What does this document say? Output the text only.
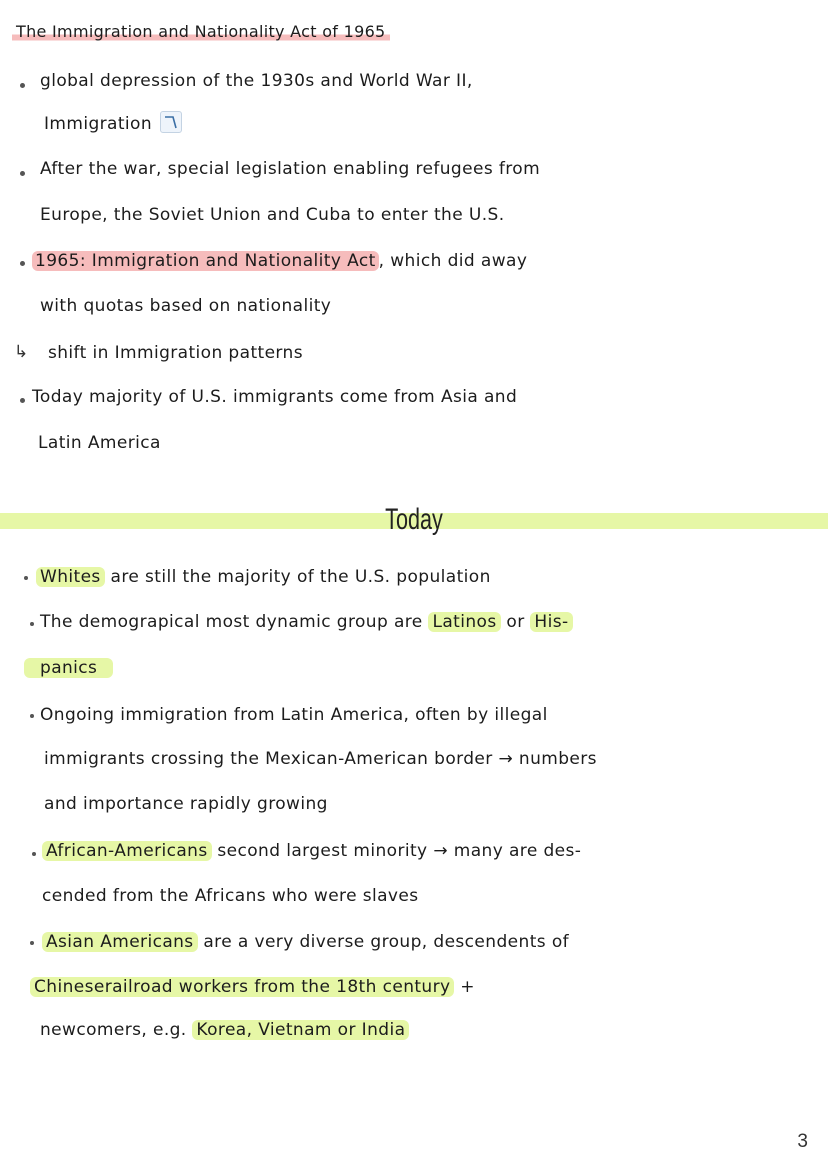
The Immigration and Nationality Act of 1965
global depression of the 1930s and World War II,
Immigration
After the war, special legislation enabling refugees from
Europe, the Soviet Union and Cuba to enter the U.S.
1965: Immigration and Nationality Act , which did away
with quotas based on nationality
↳ shift in Immigration patterns
Today majority of U.S. immigrants come from Asia and
Latin America
Today
Whites are still the majority of the U.S. population
The demograpical most dynamic group are Latinos or His-
panics
Ongoing immigration from Latin America, often by illegal
immigrants crossing the Mexican-American border → numbers
and importance rapidly growing
African-Americans second largest minority → many are des-
cended from the Africans who were slaves
Asian Americans are a very diverse group, descendents of
Chineserailroad workers from the 18th century +
newcomers, e.g. Korea, Vietnam or India
3
